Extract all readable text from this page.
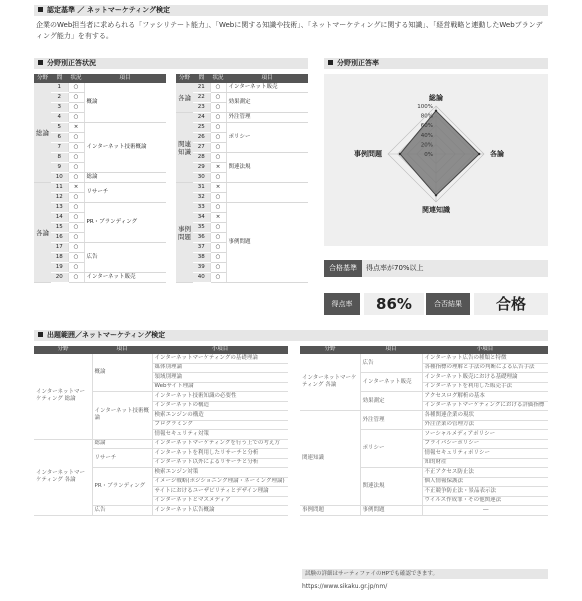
認定基準 ／ ネットマーケティング検定
企業のWeb担当者に求められる「ファシリテート能力」、「Webに関する知識や技術」、「ネットマーケティングに関する知識」、「経営戦略と連動したWebブランディング能力」を有する。
分野別正答状況
分野	問	状況	項目
総論	1	○	概論
	2	○	
	3	○	
	4	○	
	5	×	インターネット技術概論
	6	○	
	7	○	
	8	○	
	9	○	
	10	○	総論
各論	11	×	リサーチ
	12	○	
	13	○	PR・ブランディング
	14	○	
	15	○	
	16	○	
	17	○	広告
	18	○	
	19	○	
	20	○	インターネット販売
分野	問	状況	項目
各論	21	○	インターネット販売
	22	○	効果測定
	23	○	
関連知識	24	○	外注管理
	25	○	ポリシー
	26	○	
	27	○	
	28	○	関連法規
	29	×	
	30	○	
事例問題	31	×	
	32	○	
	33	○	事例問題
	34	×	
	35	○	
	36	○	
	37	○	
	38	○	
	39	○	
	40	○	
分野別正答率
0%
20%
40%
60%
80%
100%
総論
各論
関連知識
事例問題
合格基準	得点率が70%以上
得点率	86%	合否結果	合格
出題範囲／ネットマーケティング検定
分野	項目	小項目
インターネットマーケティング 総論	概論	インターネットマーケティングの基礎理論
		媒体別理論
		領域別理論
		Webサイト理論
	インターネット技術概論	インターネット技術知識の必要性
		インターネットの構造
		検索エンジンの構造
		プログラミング
		情報セキュリティ対策
インターネットマーケティング 各論	総論	インターネットマーケティングを行う上での考え方
	リサーチ	インターネットを利用したリサーチと分析
		インターネット以外によるリサーチと分析
	PR・ブランディング	検索エンジン対策
		イメージ戦略(ポジショニング理論・ネーミング理論)
		サイトにおけるユーザビリティとデザイン理論
		インターネットとマスメディア
	広告	インターネット広告概論
分野	項目	小項目
インターネットマーケティング 各論	広告	インターネット広告の種類と特徴
		各種指標の理解と手法の判断による広告手法
	インターネット販売	インターネット販売における基礎理論
		インターネットを利用した販売手法
	効果測定	アクセスログ解析の基本
		インターネットマーケティングにおける評価指標
関連知識	外注管理	各種関連企業の現状
		外注企業の管理方法
	ポリシー	ソーシャルメディアポリシー
		プライバシーポリシー
		情報セキュリティポリシー
		知的財産
	関連法規	不正アクセス防止法
		個人情報保護法
		不正競争防止法・景品表示法
		ウイルス作成罪・その他関連法
事例問題	事例問題	―
試験の詳細はサーティファイのHPでも確認できます。
https://www.sikaku.gr.jp/nm/
